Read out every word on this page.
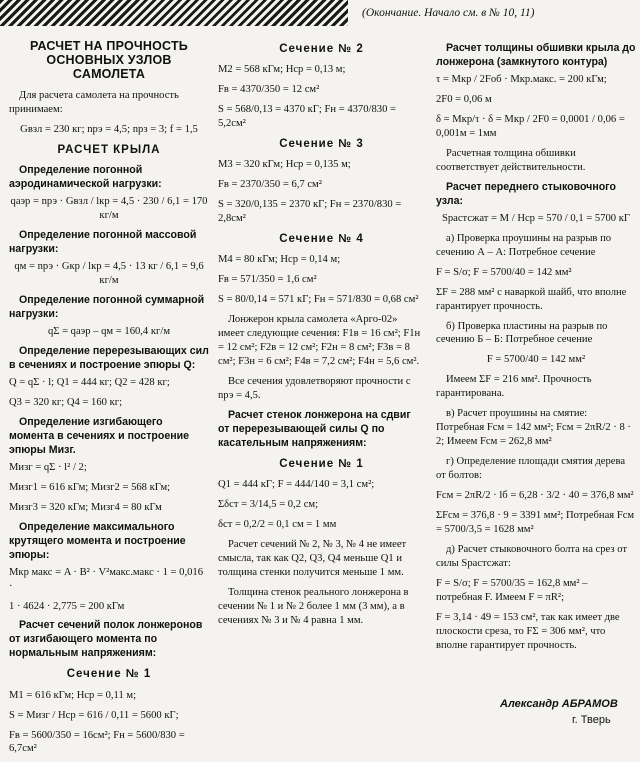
(Окончание. Начало см. в № 10, 11)
РАСЧЕТ НА ПРОЧНОСТЬ ОСНОВНЫХ УЗЛОВ САМОЛЕТА

Для расчета самолета на прочность принимаем:

Gвзл = 230 кг; nрэ = 4,5; nрз = 3; f = 1,5

РАСЧЕТ КРЫЛА
Определение погонной аэродинамической нагрузки:

qаэр = nрэ · Gвзл / lкр = 4,5 · 230 / 6,1 = 170 кг/м

Определение погонной массовой нагрузки:

qм = nрэ · Gкр / lкр = 4,5 · 13 кг / 6,1 = 9,6 кг/м

Определение погонной суммарной нагрузки:

qΣ = qаэр – qм = 160,4 кг/м

Определение перерезывающих сил в сечениях и построение эпюры Q:

Q = qΣ · l; Q1 = 444 кг; Q2 = 428 кг;

Q3 = 320 кг; Q4 = 160 кг;

Определение изгибающего момента в сечениях и построение эпюры Mизг.

Mизг = qΣ · l² / 2;

Mизг1 = 616 кГм; Mизг2 = 568 кГм;

Mизг3 = 320 кГм; Mизг4 = 80 кГм

Определение максимального крутящего момента и построение эпюры:

Mкр макс = A · B² · V²макс.макс · 1 = 0,016 ·

1 · 4624 · 2,775 = 200 кГм

Расчет сечений полок лонжеронов от изгибающего момента по нормальным напряжениям:
Сечение № 1

M1 = 616 кГм; Hср = 0,11 м;

S = Mизг / Hср = 616 / 0,11 = 5600 кГ;

Fв = 5600/350 = 16см²; Fн = 5600/830 = 6,7см²

Сечение № 2

M2 = 568 кГм; Hср = 0,13 м;

Fв = 4370/350 = 12 см²

S = 568/0,13 = 4370 кГ; Fн = 4370/830 = 5,2см²

Сечение № 3

M3 = 320 кГм; Hср = 0,135 м;

Fв = 2370/350 = 6,7 см²

S = 320/0,135 = 2370 кГ; Fн = 2370/830 = 2,8см²

Сечение № 4

M4 = 80 кГм; Hср = 0,14 м;

Fв = 571/350 = 1,6 см²

S = 80/0,14 = 571 кГ; Fн = 571/830 = 0,68 см²

Лонжерон крыла самолета «Арго-02» имеет следующие сечения: F1в = 16 см²; F1н = 12 см²; F2в = 12 см²; F2н = 8 см²; F3в = 8 см²; F3н = 6 см²; F4в = 7,2 см²; F4н = 5,6 см².

Все сечения удовлетворяют прочности с nрэ = 4,5.

Расчет стенок лонжерона на сдвиг от перерезывающей силы Q по касательным напряжениям:
Сечение № 1

Q1 = 444 кГ; F = 444/140 = 3,1 см²;

Σδст = 3/14,5 = 0,2 см;

δст = 0,2/2 = 0,1 см = 1 мм

Расчет сечений № 2, № 3, № 4 не имеет смысла, так как Q2, Q3, Q4 меньше Q1 и толщина стенки получится меньше 1 мм.

Толщина стенок реального лонжерона в сечении № 1 и № 2 более 1 мм (3 мм), а в сечениях № 3 и № 4 равна 1 мм.

Расчет толщины обшивки крыла до лонжерона (замкнутого контура)

τ = Mкр / 2Fоб · Mкр.макс. = 200 кГм;

2F0 = 0,06 м

δ = Mкр/τ · δ = Mкр / 2F0 = 0,0001 / 0,06 = 0,001м = 1мм

Расчетная толщина обшивки соответствует действительности.

Расчет переднего стыковочного узла:

Sрастсжат = M / Hср = 570 / 0,1 = 5700 кГ

а) Проверка проушины на разрыв по сечению А – А: Потребное сечение

F = S/σ; F = 5700/40 = 142 мм²

ΣF = 288 мм² с наваркой шайб, что вполне гарантирует прочность.

б) Проверка пластины на разрыв по сечению Б – Б: Потребное сечение

F = 5700/40 = 142 мм²

Имеем ΣF = 216 мм². Прочность гарантирована.

в) Расчет проушины на смятие: Потребная Fсм = 142 мм²; Fсм = 2πR/2 · 8 · 2; Имеем Fсм = 262,8 мм²

г) Определение площади смятия дерева от болтов:

Fсм = 2πR/2 · lб = 6,28 · 3/2 · 40 = 376,8 мм²

ΣFсм = 376,8 · 9 = 3391 мм²; Потребная Fсм = 5700/3,5 = 1628 мм²

д) Расчет стыковочного болта на срез от силы Sрастсжат:

F = S/σ; F = 5700/35 = 162,8 мм² – потребная F. Имеем F = πR²;

F = 3,14 · 49 = 153 см², так как имеет две плоскости среза, то FΣ = 306 мм², что вполне гарантирует прочность.

Александр АБРАМОВ
г. Тверь
